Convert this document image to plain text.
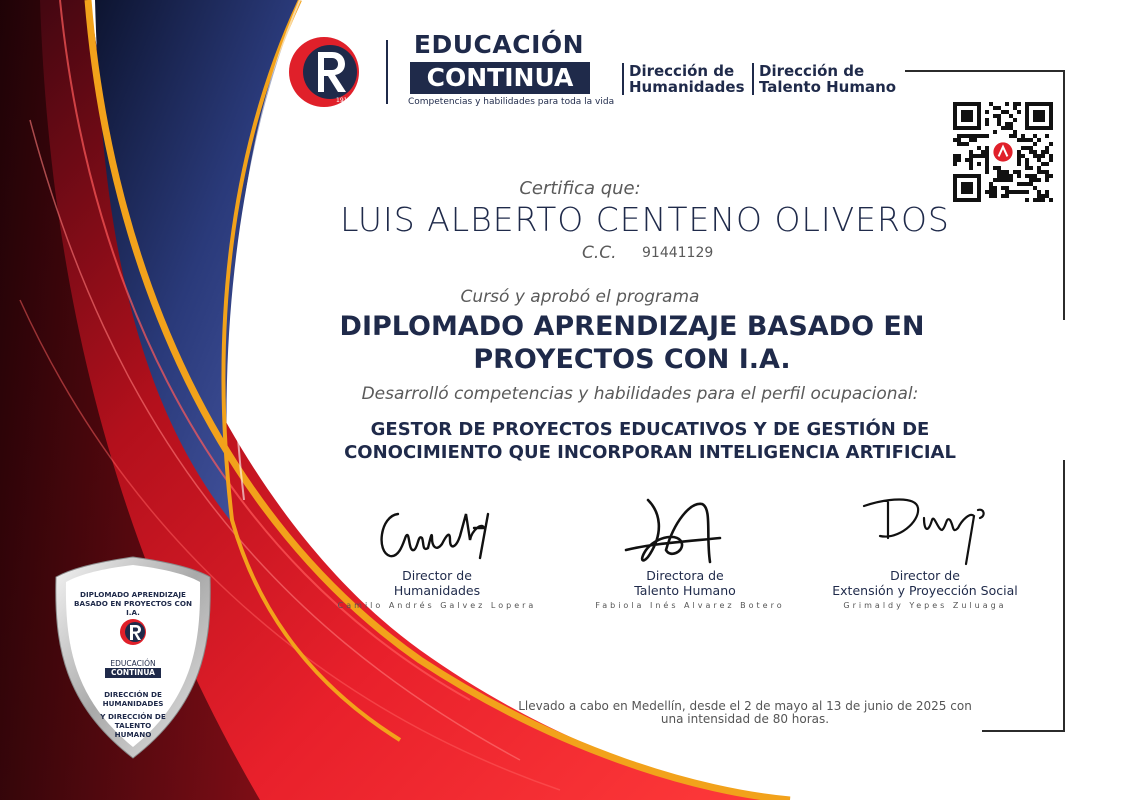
1915
EDUCACIÓN
CONTINUA
Competencias y habilidades para toda la vida
Dirección de
Humanidades
Dirección de
Talento Humano
Certifica que:
LUIS ALBERTO CENTENO OLIVEROS
C.C. 91441129
Cursó y aprobó el programa
DIPLOMADO APRENDIZAJE BASADO EN
PROYECTOS CON I.A.
Desarrolló competencias y habilidades para el perfil ocupacional:
GESTOR DE PROYECTOS EDUCATIVOS Y DE GESTIÓN DE
CONOCIMIENTO QUE INCORPORAN INTELIGENCIA ARTIFICIAL
Director de
Humanidades
Camilo Andrés Galvez Lopera
Directora de
Talento Humano
Fabiola Inés Alvarez Botero
Director de
Extensión y Proyección Social
Grimaldy Yepes Zuluaga
Llevado a cabo en Medellín, desde el 2 de mayo al 13 de junio de 2025 con
una intensidad de 80 horas.
DIPLOMADO APRENDIZAJE
BASADO EN PROYECTOS CON I.A.
EDUCACIÓN
CONTINUA
DIRECCIÓN DE
HUMANIDADES
Y DIRECCIÓN DE
TALENTO
HUMANO
